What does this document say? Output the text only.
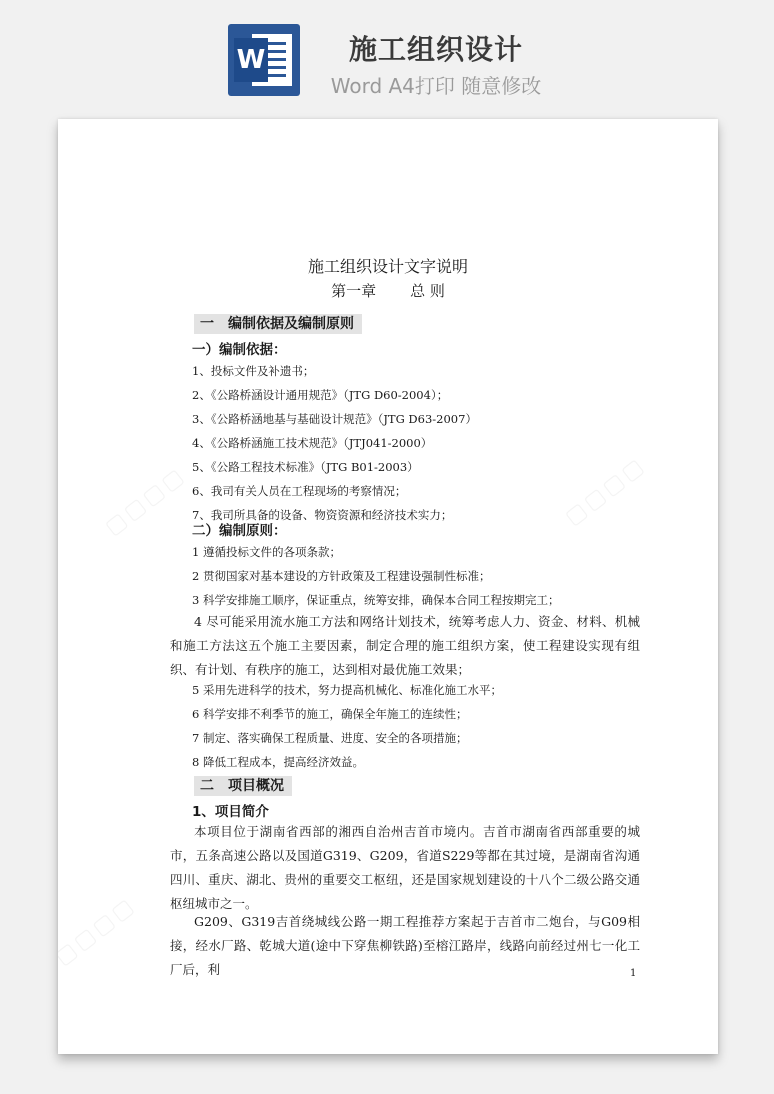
W	施工组织设计
Word A4打印 随意修改
施工组织设计文字说明
第一章 总 则
一　编制依据及编制原则
一）编制依据：
1、投标文件及补遗书；
2、《公路桥涵设计通用规范》（JTG D60-2004）；
3、《公路桥涵地基与基础设计规范》（JTG D63-2007）
4、《公路桥涵施工技术规范》（JTJ041-2000）
5、《公路工程技术标准》（JTG B01-2003）
6、我司有关人员在工程现场的考察情况；
7、我司所具备的设备、物资资源和经济技术实力；
二）编制原则：
1 遵循投标文件的各项条款；
2 贯彻国家对基本建设的方针政策及工程建设强制性标准；
3 科学安排施工顺序，保证重点，统筹安排，确保本合同工程按期完工；
4 尽可能采用流水施工方法和网络计划技术，统筹考虑人力、资金、材料、机械和施工方法这五个施工主要因素，制定合理的施工组织方案，使工程建设实现有组织、有计划、有秩序的施工，达到相对最优施工效果；
5 采用先进科学的技术，努力提高机械化、标准化施工水平；
6 科学安排不利季节的施工，确保全年施工的连续性；
7 制定、落实确保工程质量、进度、安全的各项措施；
8 降低工程成本，提高经济效益。
二　项目概况
1、项目简介
本项目位于湖南省西部的湘西自治州吉首市境内。吉首市湖南省西部重要的城市，五条高速公路以及国道G319、G209，省道S229等都在其过境，是湖南省沟通四川、重庆、湖北、贵州的重要交工枢纽，还是国家规划建设的十八个二级公路交通枢纽城市之一。
G209、G319吉首绕城线公路一期工程推荐方案起于吉首市二炮台，与G09相接，经水厂路、乾城大道(途中下穿焦柳铁路)至榕江路岸，线路向前经过州七一化工厂后，利	1
